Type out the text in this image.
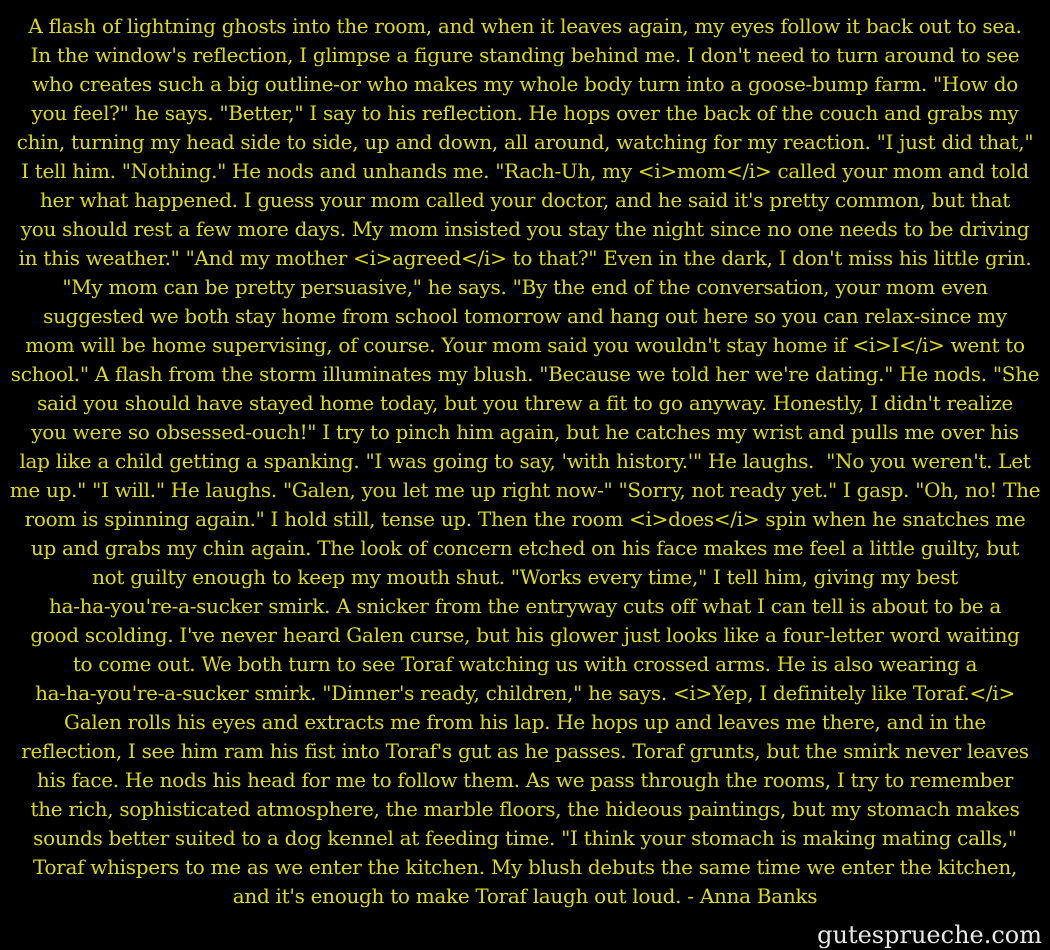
A flash of lightning ghosts into the room, and when it leaves again, my eyes follow it back out to sea.
In the window's reflection, I glimpse a figure standing behind me. I don't need to turn around to see
who creates such a big outline-or who makes my whole body turn into a goose-bump farm. "How do
you feel?" he says. "Better," I say to his reflection. He hops over the back of the couch and grabs my
chin, turning my head side to side, up and down, all around, watching for my reaction. "I just did that,"
I tell him. "Nothing." He nods and unhands me. "Rach-Uh, my <i>mom</i> called your mom and told
her what happened. I guess your mom called your doctor, and he said it's pretty common, but that
you should rest a few more days. My mom insisted you stay the night since no one needs to be driving
in this weather." "And my mother <i>agreed</i> to that?" Even in the dark, I don't miss his little grin.
"My mom can be pretty persuasive," he says. "By the end of the conversation, your mom even
suggested we both stay home from school tomorrow and hang out here so you can relax-since my
mom will be home supervising, of course. Your mom said you wouldn't stay home if <i>I</i> went to
school." A flash from the storm illuminates my blush. "Because we told her we're dating." He nods. "She
said you should have stayed home today, but you threw a fit to go anyway. Honestly, I didn't realize
you were so obsessed-ouch!" I try to pinch him again, but he catches my wrist and pulls me over his
lap like a child getting a spanking. "I was going to say, 'with history.'" He laughs.  "No you weren't. Let
me up." "I will." He laughs. "Galen, you let me up right now-" "Sorry, not ready yet." I gasp. "Oh, no! The
room is spinning again." I hold still, tense up. Then the room <i>does</i> spin when he snatches me
up and grabs my chin again. The look of concern etched on his face makes me feel a little guilty, but
not guilty enough to keep my mouth shut. "Works every time," I tell him, giving my best
ha-ha-you're-a-sucker smirk. A snicker from the entryway cuts off what I can tell is about to be a
good scolding. I've never heard Galen curse, but his glower just looks like a four-letter word waiting
to come out. We both turn to see Toraf watching us with crossed arms. He is also wearing a
ha-ha-you're-a-sucker smirk. "Dinner's ready, children," he says. <i>Yep, I definitely like Toraf.</i>
Galen rolls his eyes and extracts me from his lap. He hops up and leaves me there, and in the
reflection, I see him ram his fist into Toraf's gut as he passes. Toraf grunts, but the smirk never leaves
his face. He nods his head for me to follow them. As we pass through the rooms, I try to remember
the rich, sophisticated atmosphere, the marble floors, the hideous paintings, but my stomach makes
sounds better suited to a dog kennel at feeding time. "I think your stomach is making mating calls,"
Toraf whispers to me as we enter the kitchen. My blush debuts the same time we enter the kitchen,
and it's enough to make Toraf laugh out loud. - Anna Banks
gutesprueche.com
